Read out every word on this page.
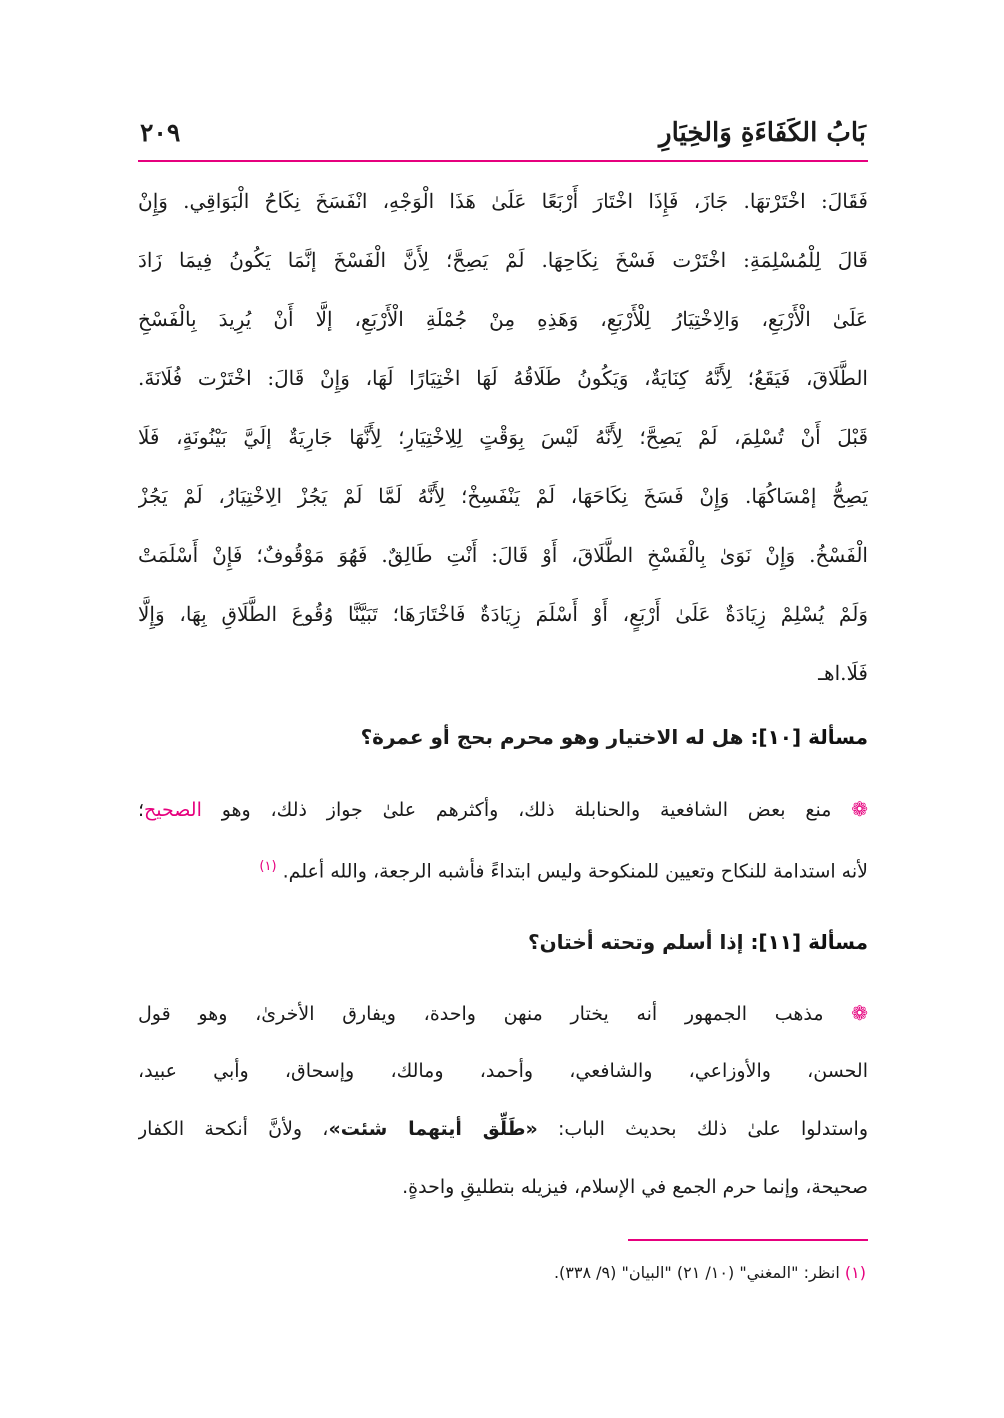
بَابُ الكَفَاءَةِ وَالخِيَارِ
٢٠٩
فَقَالَ: اخْتَرْتهَا. جَازَ، فَإِذَا اخْتَارَ أَرْبَعًا عَلَىٰ هَذَا الْوَجْهِ، انْفَسَخَ نِكَاحُ الْبَوَاقِي. وَإِنْ
قَالَ لِلْمُسْلِمَةِ: اخْتَرْت فَسْخَ نِكَاحِهَا. لَمْ يَصِحَّ؛ لِأَنَّ الْفَسْخَ إنَّمَا يَكُونُ فِيمَا زَادَ
عَلَىٰ الْأَرْبَعِ، وَالِاخْتِيَارُ لِلْأَرْبَعِ، وَهَذِهِ مِنْ جُمْلَةِ الْأَرْبَعِ، إلَّا أَنْ يُرِيدَ بِالْفَسْخِ
الطَّلَاقَ، فَيَقَعُ؛ لِأَنَّهُ كِنَايَةٌ، وَيَكُونُ طَلَاقُهُ لَهَا اخْتِيَارًا لَهَا، وَإِنْ قَالَ: اخْتَرْت فُلَانَةَ.
قَبْلَ أَنْ تُسْلِمَ، لَمْ يَصِحَّ؛ لِأَنَّهُ لَيْسَ بِوَقْتٍ لِلِاخْتِيَارِ؛ لِأَنَّهَا جَارِيَةٌ إلَيَّ بَيْنُونَةٍ، فَلَا
يَصِحُّ إمْسَاكُهَا. وَإِنْ فَسَخَ نِكَاحَهَا، لَمْ يَنْفَسِخْ؛ لِأَنَّهُ لَمَّا لَمْ يَجُزْ الِاخْتِيَارُ، لَمْ يَجُزْ
الْفَسْخُ. وَإِنْ نَوَىٰ بِالْفَسْخِ الطَّلَاقَ، أَوْ قَالَ: أَنْتِ طَالِقٌ. فَهُوَ مَوْقُوفٌ؛ فَإِنْ أَسْلَمَتْ
وَلَمْ يُسْلِمْ زِيَادَةٌ عَلَىٰ أَرْبَعٍ، أَوْ أَسْلَمَ زِيَادَةٌ فَاخْتَارَهَا؛ تَبَيَّنَّا وُقُوعَ الطَّلَاقِ بِهَا، وَإِلَّا
فَلَا.اهـ
مسألة [١٠]: هل له الاختيار وهو محرم بحج أو عمرة؟
❁ منع بعض الشافعية والحنابلة ذلك، وأكثرهم علىٰ جواز ذلك، وهو الصحيح؛
لأنه استدامة للنكاح وتعيين للمنكوحة وليس ابتداءً فأشبه الرجعة، والله أعلم. $^{(١)}$
مسألة [١١]: إذا أسلم وتحته أختان؟
❁ مذهب الجمهور أنه يختار منهن واحدة، ويفارق الأخرىٰ، وهو قول
الحسن، والأوزاعي، والشافعي، وأحمد، ومالك، وإسحاق، وأبي عبيد،
واستدلوا علىٰ ذلك بحديث الباب: «طَلِّق أيتهما شئت»، ولأنَّ أنكحة الكفار
صحيحة، وإنما حرم الجمع في الإسلام، فيزيله بتطليقِ واحدةٍ.
(١) انظر: "المغني" (١٠/ ٢١) "البيان" (٩/ ٣٣٨).
